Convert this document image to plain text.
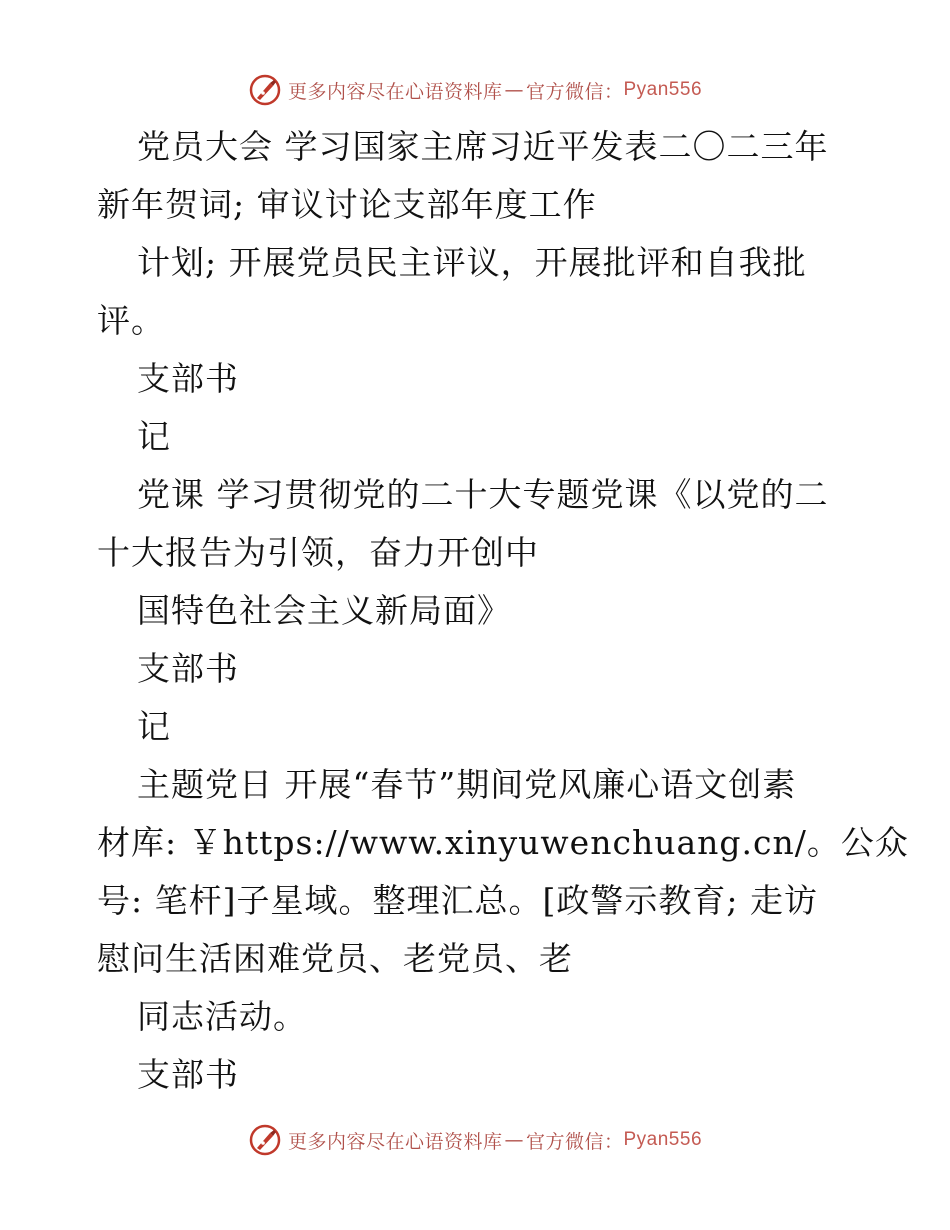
更多内容尽在心语资料库 — 官方微信： Pyan556

党员大会 学习国家主席习近平发表二〇二三年

新年贺词; 审议讨论支部年度工作

计划; 开展党员民主评议，开展批评和自我批

评。

支部书

记

党课 学习贯彻党的二十大专题党课《以党的二

十大报告为引领，奋力开创中

国特色社会主义新局面》

支部书

记

主题党日 开展“春节”期间党风廉心语文创素

材库: ￥https://www.xinyuwenchuang.cn/。公众

号: 笔杆]子星域。整理汇总。[政警示教育; 走访

慰问生活困难党员、老党员、老

同志活动。

支部书

更多内容尽在心语资料库 — 官方微信： Pyan556
